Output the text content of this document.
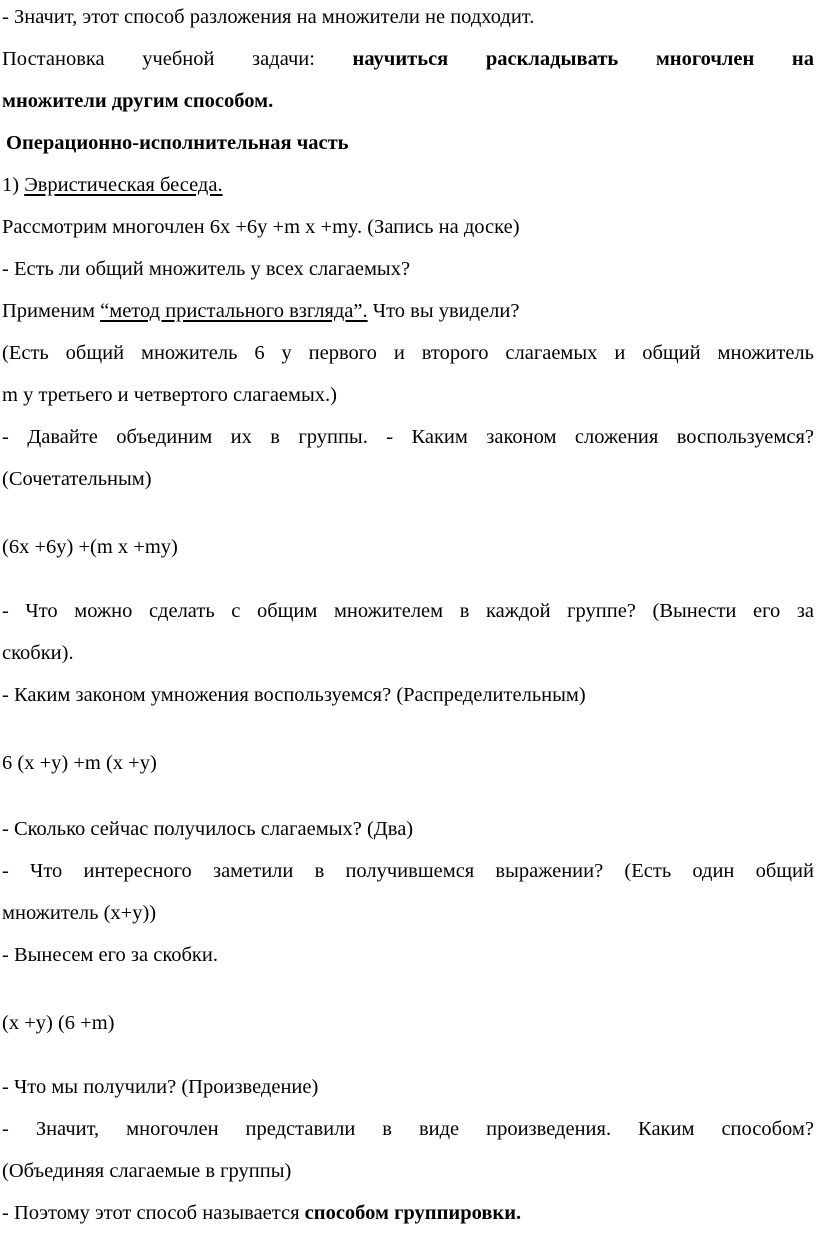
- Значит, этот способ разложения на множители не подходит.
Постановка учебной задачи: научиться раскладывать многочлен на
множители другим способом.
Операционно-исполнительная часть
1) Эвристическая беседа.
Рассмотрим многочлен 6x +6y +m x +my. (Запись на доске)
- Есть ли общий множитель у всех слагаемых?
Применим “метод пристального взгляда”. Что вы увидели?
(Есть общий множитель 6 у первого и второго слагаемых и общий множитель
m у третьего и четвертого слагаемых.)
- Давайте объединим их в группы. - Каким законом сложения воспользуемся?
(Сочетательным)
(6x +6y) +(m x +my)
- Что можно сделать с общим множителем в каждой группе? (Вынести его за
скобки).
- Каким законом умножения воспользуемся? (Распределительным)
6 (x +y) +m (x +y)
- Сколько сейчас получилось слагаемых? (Два)
- Что интересного заметили в получившемся выражении? (Есть один общий
множитель (x+y))
- Вынесем его за скобки.
(x +y) (6 +m)
- Что мы получили? (Произведение)
- Значит, многочлен представили в виде произведения. Каким способом?
(Объединяя слагаемые в группы)
- Поэтому этот способ называется способом группировки.
